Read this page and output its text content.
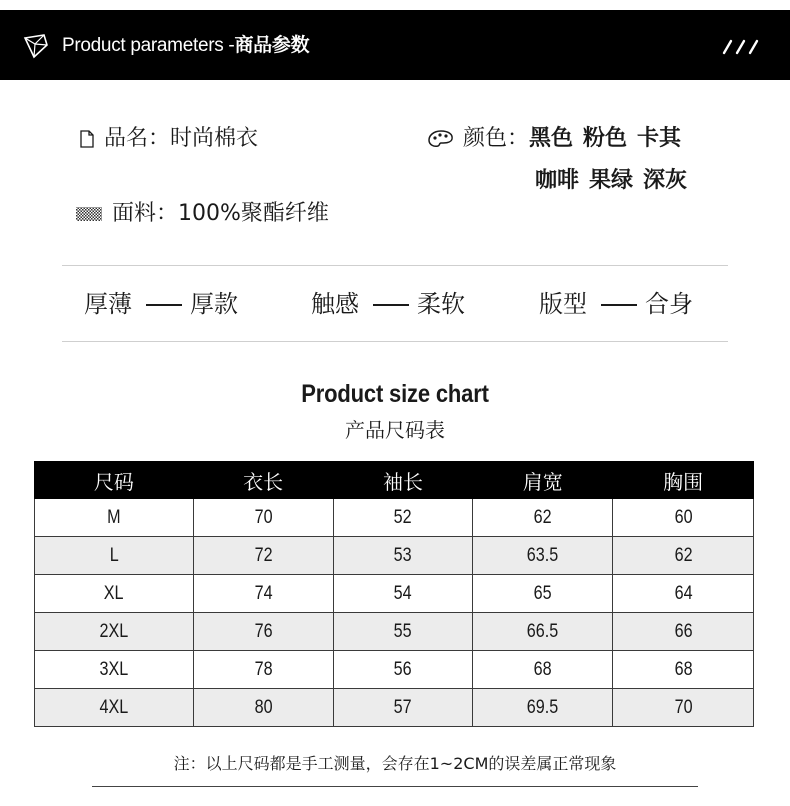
Product parameters -商品参数
品名：时尚棉衣	颜色：黑色 粉色 卡其
咖啡 果绿 深灰
面料：100%聚酯纤维
厚薄 厚款	触感 柔软	版型 合身
Product size chart
产品尺码表
尺码	衣长	袖长	肩宽	胸围
M	70	52	62	60
L	72	53	63.5	62
XL	74	54	65	64
2XL	76	55	66.5	66
3XL	78	56	68	68
4XL	80	57	69.5	70
注：以上尺码都是手工测量，会存在1~2CM的误差属正常现象
